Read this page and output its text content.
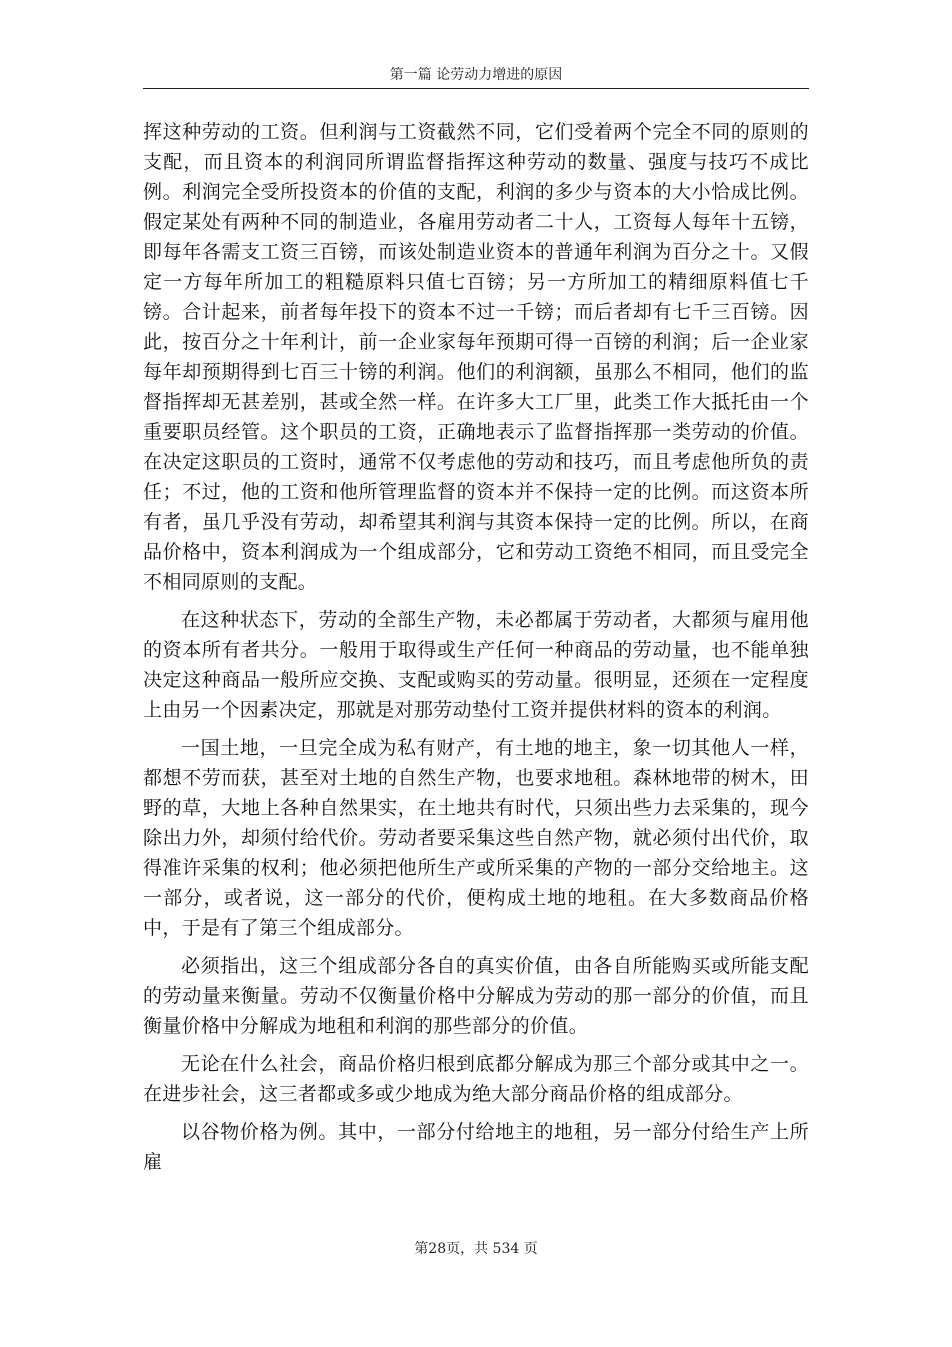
第一篇 论劳动力增进的原因

挥这种劳动的工资。但利润与工资截然不同，它们受着两个完全不同的原则的支配，而且资本的利润同所谓监督指挥这种劳动的数量、强度与技巧不成比例。利润完全受所投资本的价值的支配，利润的多少与资本的大小恰成比例。假定某处有两种不同的制造业，各雇用劳动者二十人，工资每人每年十五镑，即每年各需支工资三百镑，而该处制造业资本的普通年利润为百分之十。又假定一方每年所加工的粗糙原料只值七百镑；另一方所加工的精细原料值七千镑。合计起来，前者每年投下的资本不过一千镑；而后者却有七千三百镑。因此，按百分之十年利计，前一企业家每年预期可得一百镑的利润；后一企业家每年却预期得到七百三十镑的利润。他们的利润额，虽那么不相同，他们的监督指挥却无甚差别，甚或全然一样。在许多大工厂里，此类工作大抵托由一个重要职员经管。这个职员的工资，正确地表示了监督指挥那一类劳动的价值。在决定这职员的工资时，通常不仅考虑他的劳动和技巧，而且考虑他所负的责任；不过，他的工资和他所管理监督的资本并不保持一定的比例。而这资本所有者，虽几乎没有劳动，却希望其利润与其资本保持一定的比例。所以，在商品价格中，资本利润成为一个组成部分，它和劳动工资绝不相同，而且受完全不相同原则的支配。

在这种状态下，劳动的全部生产物，未必都属于劳动者，大都须与雇用他的资本所有者共分。一般用于取得或生产任何一种商品的劳动量，也不能单独决定这种商品一般所应交换、支配或购买的劳动量。很明显，还须在一定程度上由另一个因素决定，那就是对那劳动垫付工资并提供材料的资本的利润。

一国土地，一旦完全成为私有财产，有土地的地主，象一切其他人一样，都想不劳而获，甚至对土地的自然生产物，也要求地租。森林地带的树木，田野的草，大地上各种自然果实，在土地共有时代，只须出些力去采集的，现今除出力外，却须付给代价。劳动者要采集这些自然产物，就必须付出代价，取得准许采集的权利；他必须把他所生产或所采集的产物的一部分交给地主。这一部分，或者说，这一部分的代价，便构成土地的地租。在大多数商品价格中，于是有了第三个组成部分。

必须指出，这三个组成部分各自的真实价值，由各自所能购买或所能支配的劳动量来衡量。劳动不仅衡量价格中分解成为劳动的那一部分的价值，而且衡量价格中分解成为地租和利润的那些部分的价值。

无论在什么社会，商品价格归根到底都分解成为那三个部分或其中之一。在进步社会，这三者都或多或少地成为绝大部分商品价格的组成部分。

以谷物价格为例。其中，一部分付给地主的地租，另一部分付给生产上所雇

第28页，共 534 页
